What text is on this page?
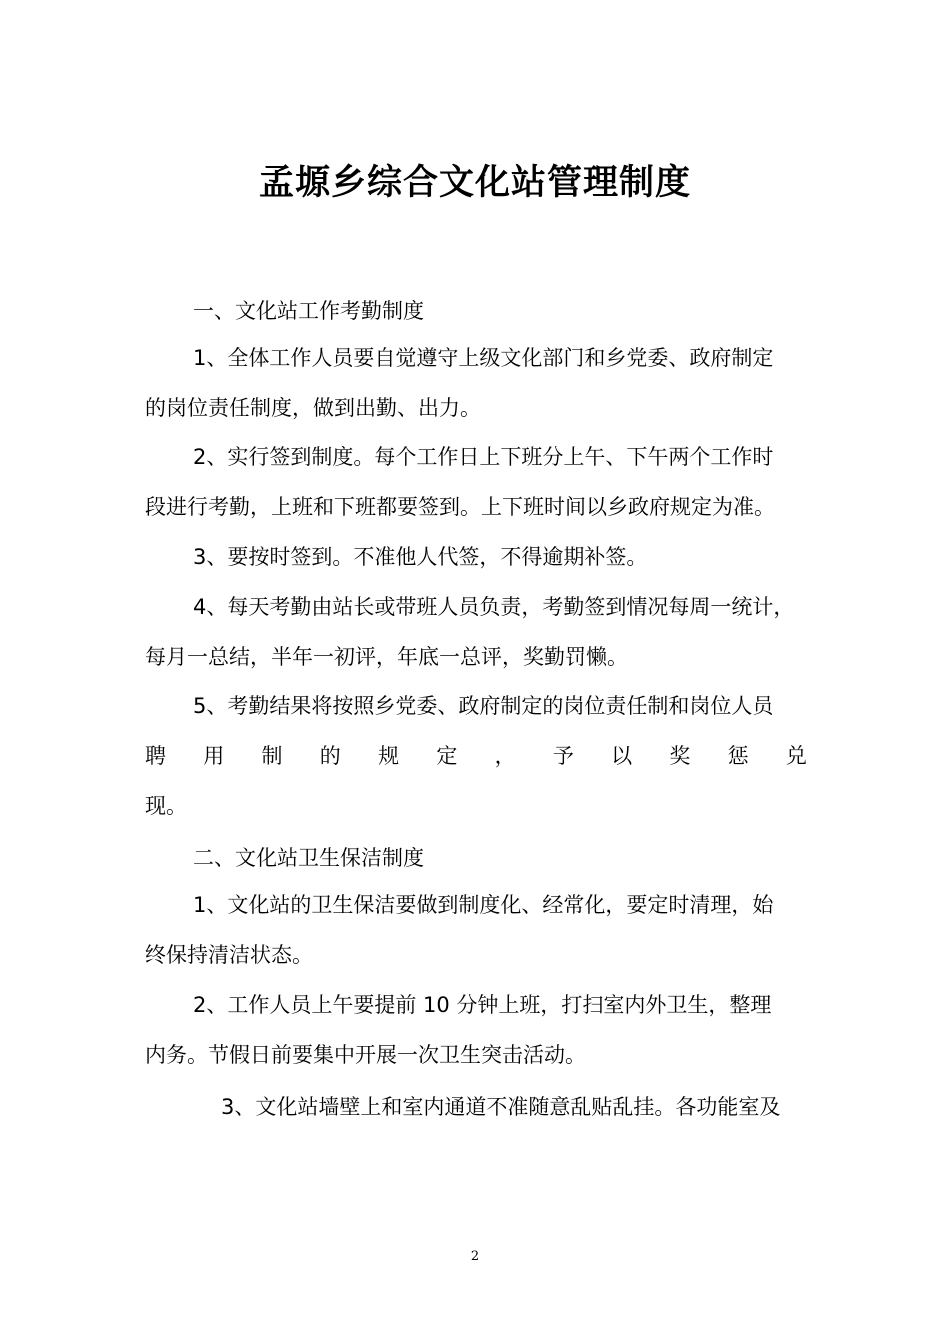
孟塬乡综合文化站管理制度
一、文化站工作考勤制度
1、全体工作人员要自觉遵守上级文化部门和乡党委、政府制定
的岗位责任制度，做到出勤、出力。
2、实行签到制度。每个工作日上下班分上午、下午两个工作时
段进行考勤，上班和下班都要签到。上下班时间以乡政府规定为准。
3、要按时签到。不准他人代签，不得逾期补签。
4、每天考勤由站长或带班人员负责，考勤签到情况每周一统计，
每月一总结，半年一初评，年底一总评，奖勤罚懒。
5、考勤结果将按照乡党委、政府制定的岗位责任制和岗位人员
聘 用 制 的 规 定 ， 予 以 奖 惩 兑
现。
二、文化站卫生保洁制度
1、文化站的卫生保洁要做到制度化、经常化，要定时清理，始
终保持清洁状态。
2、工作人员上午要提前 10 分钟上班，打扫室内外卫生，整理
内务。节假日前要集中开展一次卫生突击活动。
3、文化站墙壁上和室内通道不准随意乱贴乱挂。各功能室及
2
